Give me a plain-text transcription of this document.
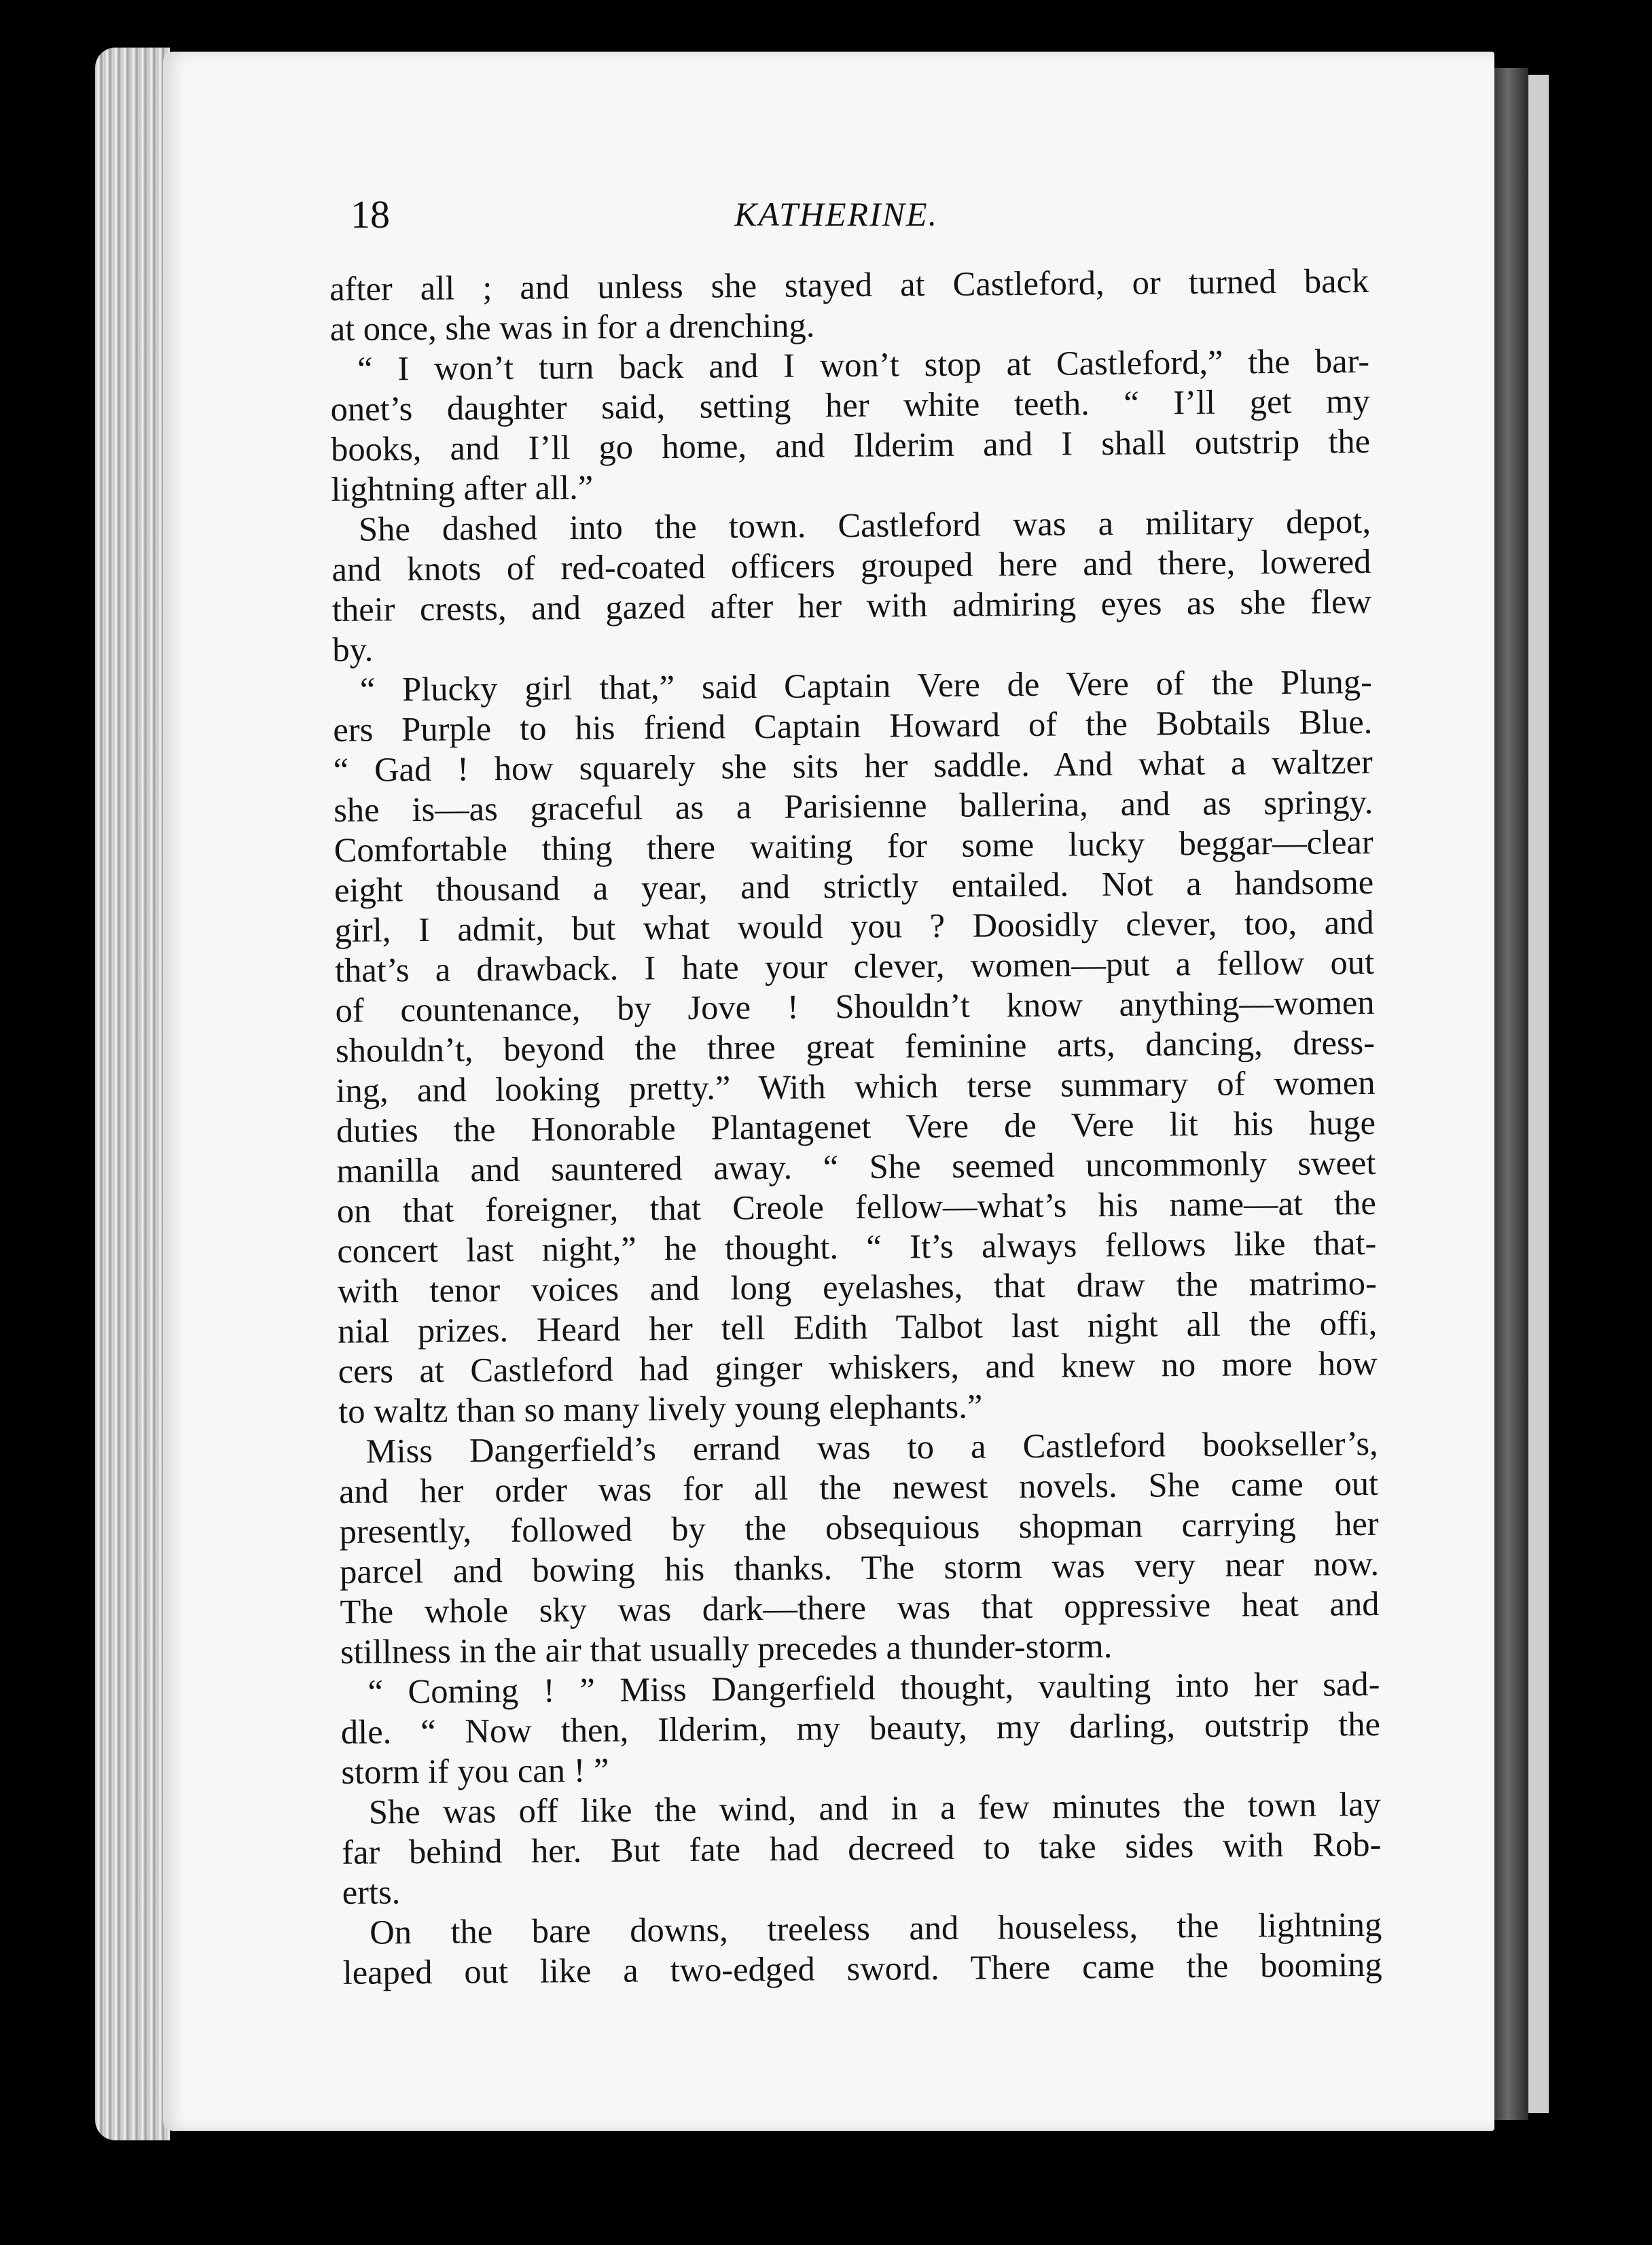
18	KATHERINE.
after all ; and unless she stayed at Castleford, or turned back
at once, she was in for a drenching.
“ I won’t turn back and I won’t stop at Castleford,” the bar-
onet’s daughter said, setting her white teeth. “ I’ll get my
books, and I’ll go home, and Ilderim and I shall outstrip the
lightning after all.”
She dashed into the town. Castleford was a military depot,
and knots of red-coated officers grouped here and there, lowered
their crests, and gazed after her with admiring eyes as she flew
by.
“ Plucky girl that,” said Captain Vere de Vere of the Plung-
ers Purple to his friend Captain Howard of the Bobtails Blue.
“ Gad ! how squarely she sits her saddle. And what a waltzer
she is—as graceful as a Parisienne ballerina, and as springy.
Comfortable thing there waiting for some lucky beggar—clear
eight thousand a year, and strictly entailed. Not a handsome
girl, I admit, but what would you ? Doosidly clever, too, and
that’s a drawback. I hate your clever, women—put a fellow out
of countenance, by Jove ! Shouldn’t know anything—women
shouldn’t, beyond the three great feminine arts, dancing, dress-
ing, and looking pretty.” With which terse summary of women
duties the Honorable Plantagenet Vere de Vere lit his huge
manilla and sauntered away. “ She seemed uncommonly sweet
on that foreigner, that Creole fellow—what’s his name—at the
concert last night,” he thought. “ It’s always fellows like that-
with tenor voices and long eyelashes, that draw the matrimo-
nial prizes. Heard her tell Edith Talbot last night all the offi,
cers at Castleford had ginger whiskers, and knew no more how
to waltz than so many lively young elephants.”
Miss Dangerfield’s errand was to a Castleford bookseller’s,
and her order was for all the newest novels. She came out
presently, followed by the obsequious shopman carrying her
parcel and bowing his thanks. The storm was very near now.
The whole sky was dark—there was that oppressive heat and
stillness in the air that usually precedes a thunder-storm.
“ Coming ! ” Miss Dangerfield thought, vaulting into her sad-
dle. “ Now then, Ilderim, my beauty, my darling, outstrip the
storm if you can ! ”
She was off like the wind, and in a few minutes the town lay
far behind her. But fate had decreed to take sides with Rob-
erts.
On the bare downs, treeless and houseless, the lightning
leaped out like a two-edged sword. There came the booming
